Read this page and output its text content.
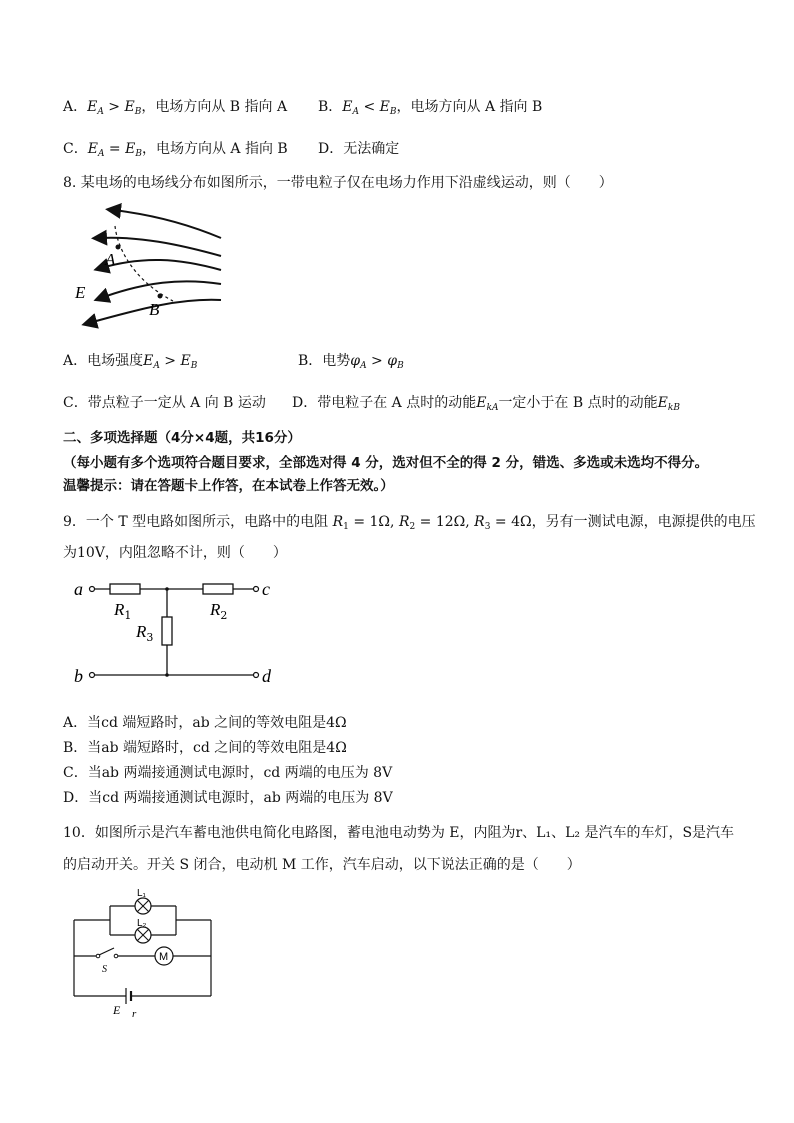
A．$E_A > E_B$，电场方向从 B 指向 A B．$E_A < E_B$，电场方向从 A 指向 B
C．$E_A = E_B$，电场方向从 A 指向 B D．无法确定
8. 某电场的电场线分布如图所示，一带电粒子仅在电场力作用下沿虚线运动，则（　　）
A
B
E
A．电场强度$E_A > E_B$	B．电势$\varphi_A > \varphi_B$
C．带点粒子一定从 A 向 B 运动 D．带电粒子在 A 点时的动能$E_{kA}$一定小于在 B 点时的动能$E_{kB}$
二、多项选择题（4分×4题，共16分）
（每小题有多个选项符合题目要求，全部选对得 4 分，选对但不全的得 2 分，错选、多选或未选均不得分。
温馨提示：请在答题卡上作答，在本试卷上作答无效。）
9．一个 T 型电路如图所示，电路中的电阻 $R_1 = 1\Omega$, $R_2 = 12\Omega$, $R_3 = 4\Omega$，另有一测试电源，电源提供的电压
为10V，内阻忽略不计，则（　　）
a	c
b	d
$R_1$	$R_2$
$R_3$
A．当cd 端短路时，ab 之间的等效电阻是4Ω
B．当ab 端短路时，cd 之间的等效电阻是4Ω
C．当ab 两端接通测试电源时，cd 两端的电压为 8V
D．当cd 两端接通测试电源时，ab 两端的电压为 8V
10．如图所示是汽车蓄电池供电简化电路图，蓄电池电动势为 E，内阻为r、L₁、L₂ 是汽车的车灯，S是汽车
的启动开关。开关 S 闭合，电动机 M 工作，汽车启动，以下说法正确的是（　　）
L₁
L₂
M
S
E r
